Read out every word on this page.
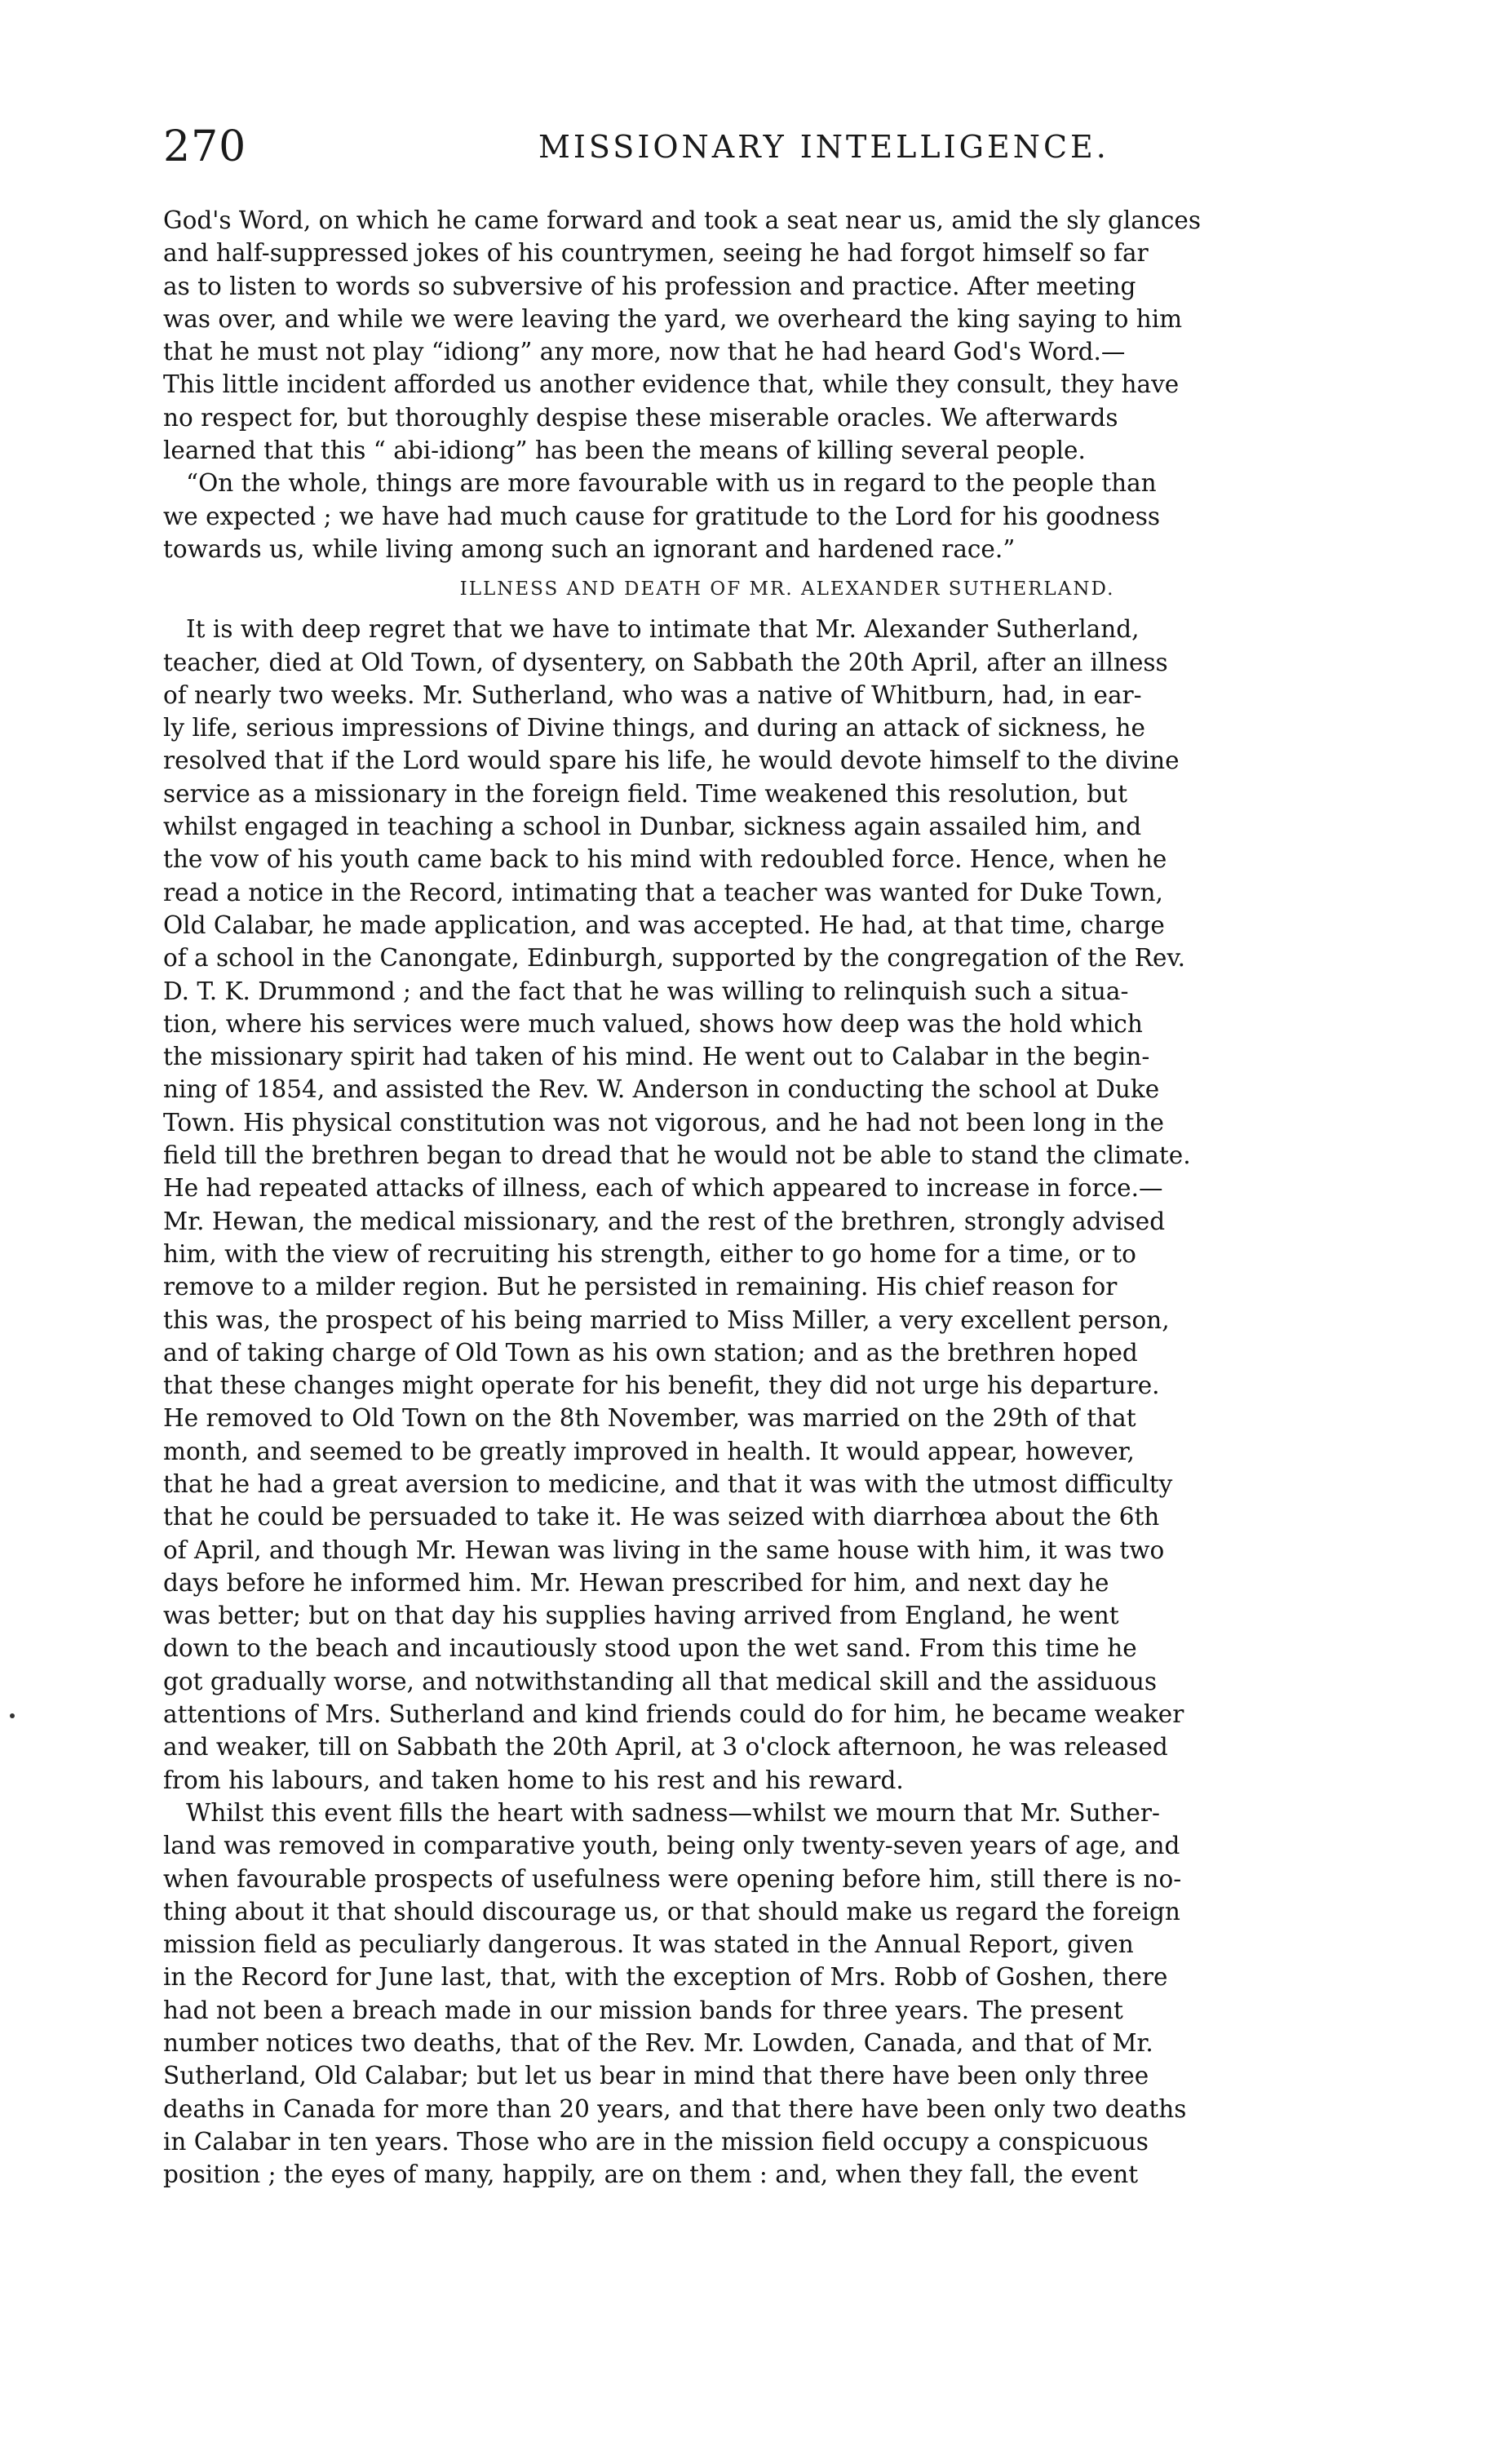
270	MISSIONARY INTELLIGENCE.
God's Word, on which he came forward and took a seat near us, amid the sly glances
and half-suppressed jokes of his countrymen, seeing he had forgot himself so far
as to listen to words so subversive of his profession and practice. After meeting
was over, and while we were leaving the yard, we overheard the king saying to him
that he must not play “idiong” any more, now that he had heard God's Word.—
This little incident afforded us another evidence that, while they consult, they have
no respect for, but thoroughly despise these miserable oracles. We afterwards
learned that this “ abi-idiong” has been the means of killing several people.
“On the whole, things are more favourable with us in regard to the people than
we expected ; we have had much cause for gratitude to the Lord for his goodness
towards us, while living among such an ignorant and hardened race.”
ILLNESS AND DEATH OF MR. ALEXANDER SUTHERLAND.
It is with deep regret that we have to intimate that Mr. Alexander Sutherland,
teacher, died at Old Town, of dysentery, on Sabbath the 20th April, after an illness
of nearly two weeks. Mr. Sutherland, who was a native of Whitburn, had, in ear-
ly life, serious impressions of Divine things, and during an attack of sickness, he
resolved that if the Lord would spare his life, he would devote himself to the divine
service as a missionary in the foreign field. Time weakened this resolution, but
whilst engaged in teaching a school in Dunbar, sickness again assailed him, and
the vow of his youth came back to his mind with redoubled force. Hence, when he
read a notice in the Record, intimating that a teacher was wanted for Duke Town,
Old Calabar, he made application, and was accepted. He had, at that time, charge
of a school in the Canongate, Edinburgh, supported by the congregation of the Rev.
D. T. K. Drummond ; and the fact that he was willing to relinquish such a situa-
tion, where his services were much valued, shows how deep was the hold which
the missionary spirit had taken of his mind. He went out to Calabar in the begin-
ning of 1854, and assisted the Rev. W. Anderson in conducting the school at Duke
Town. His physical constitution was not vigorous, and he had not been long in the
field till the brethren began to dread that he would not be able to stand the climate.
He had repeated attacks of illness, each of which appeared to increase in force.—
Mr. Hewan, the medical missionary, and the rest of the brethren, strongly advised
him, with the view of recruiting his strength, either to go home for a time, or to
remove to a milder region. But he persisted in remaining. His chief reason for
this was, the prospect of his being married to Miss Miller, a very excellent person,
and of taking charge of Old Town as his own station; and as the brethren hoped
that these changes might operate for his benefit, they did not urge his departure.
He removed to Old Town on the 8th November, was married on the 29th of that
month, and seemed to be greatly improved in health. It would appear, however,
that he had a great aversion to medicine, and that it was with the utmost difficulty
that he could be persuaded to take it. He was seized with diarrhœa about the 6th
of April, and though Mr. Hewan was living in the same house with him, it was two
days before he informed him. Mr. Hewan prescribed for him, and next day he
was better; but on that day his supplies having arrived from England, he went
down to the beach and incautiously stood upon the wet sand. From this time he
got gradually worse, and notwithstanding all that medical skill and the assiduous
attentions of Mrs. Sutherland and kind friends could do for him, he became weaker
and weaker, till on Sabbath the 20th April, at 3 o'clock afternoon, he was released
from his labours, and taken home to his rest and his reward.
Whilst this event fills the heart with sadness—whilst we mourn that Mr. Suther-
land was removed in comparative youth, being only twenty-seven years of age, and
when favourable prospects of usefulness were opening before him, still there is no-
thing about it that should discourage us, or that should make us regard the foreign
mission field as peculiarly dangerous. It was stated in the Annual Report, given
in the Record for June last, that, with the exception of Mrs. Robb of Goshen, there
had not been a breach made in our mission bands for three years. The present
number notices two deaths, that of the Rev. Mr. Lowden, Canada, and that of Mr.
Sutherland, Old Calabar; but let us bear in mind that there have been only three
deaths in Canada for more than 20 years, and that there have been only two deaths
in Calabar in ten years. Those who are in the mission field occupy a conspicuous
position ; the eyes of many, happily, are on them : and, when they fall, the event
